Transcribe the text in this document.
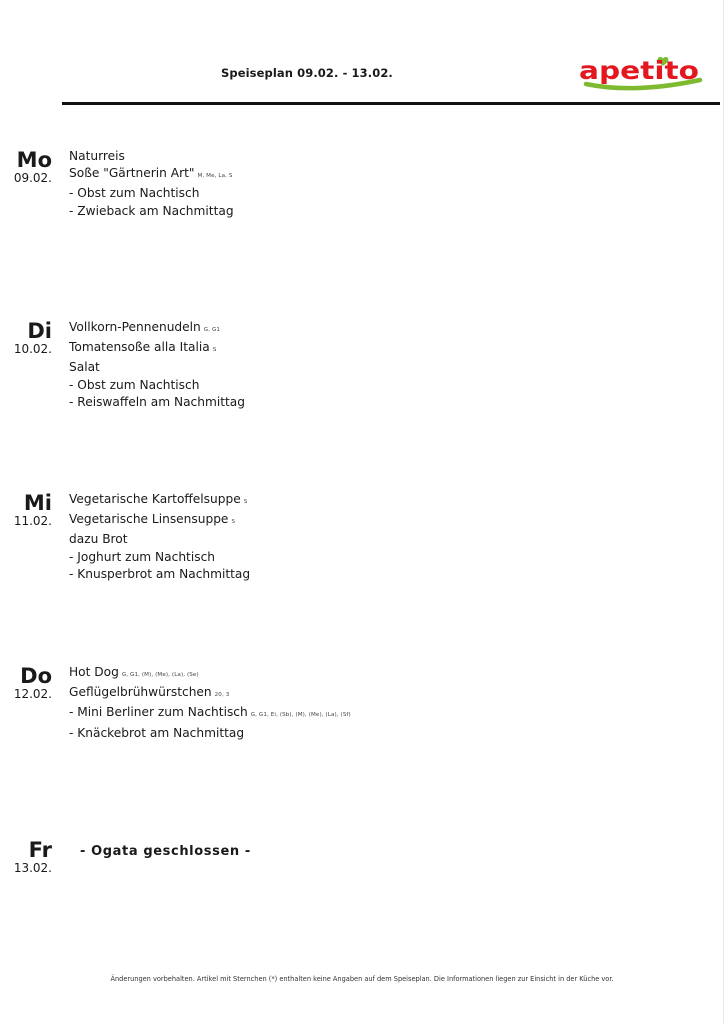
Speiseplan 09.02. - 13.02.	apetito
Mo
09.02.
Naturreis
Soße "Gärtnerin Art" M, Me, La, S
- Obst zum Nachtisch
- Zwieback am Nachmittag
Di
10.02.
Vollkorn-Pennenudeln G, G1
Tomatensoße alla Italia S
Salat
- Obst zum Nachtisch
- Reiswaffeln am Nachmittag
Mi
11.02.
Vegetarische Kartoffelsuppe S
Vegetarische Linsensuppe S
dazu Brot
- Joghurt zum Nachtisch
- Knusperbrot am Nachmittag
Do
12.02.
Hot Dog G, G1, (M), (Me), (La), (Se)
Geflügelbrühwürstchen 20, 3
- Mini Berliner zum Nachtisch G, G1, Ei, (Sb), (M), (Me), (La), (Sf)
- Knäckebrot am Nachmittag
Fr
13.02.
- Ogata geschlossen -
Änderungen vorbehalten. Artikel mit Sternchen (*) enthalten keine Angaben auf dem Speiseplan. Die Informationen liegen zur Einsicht in der Küche vor.
